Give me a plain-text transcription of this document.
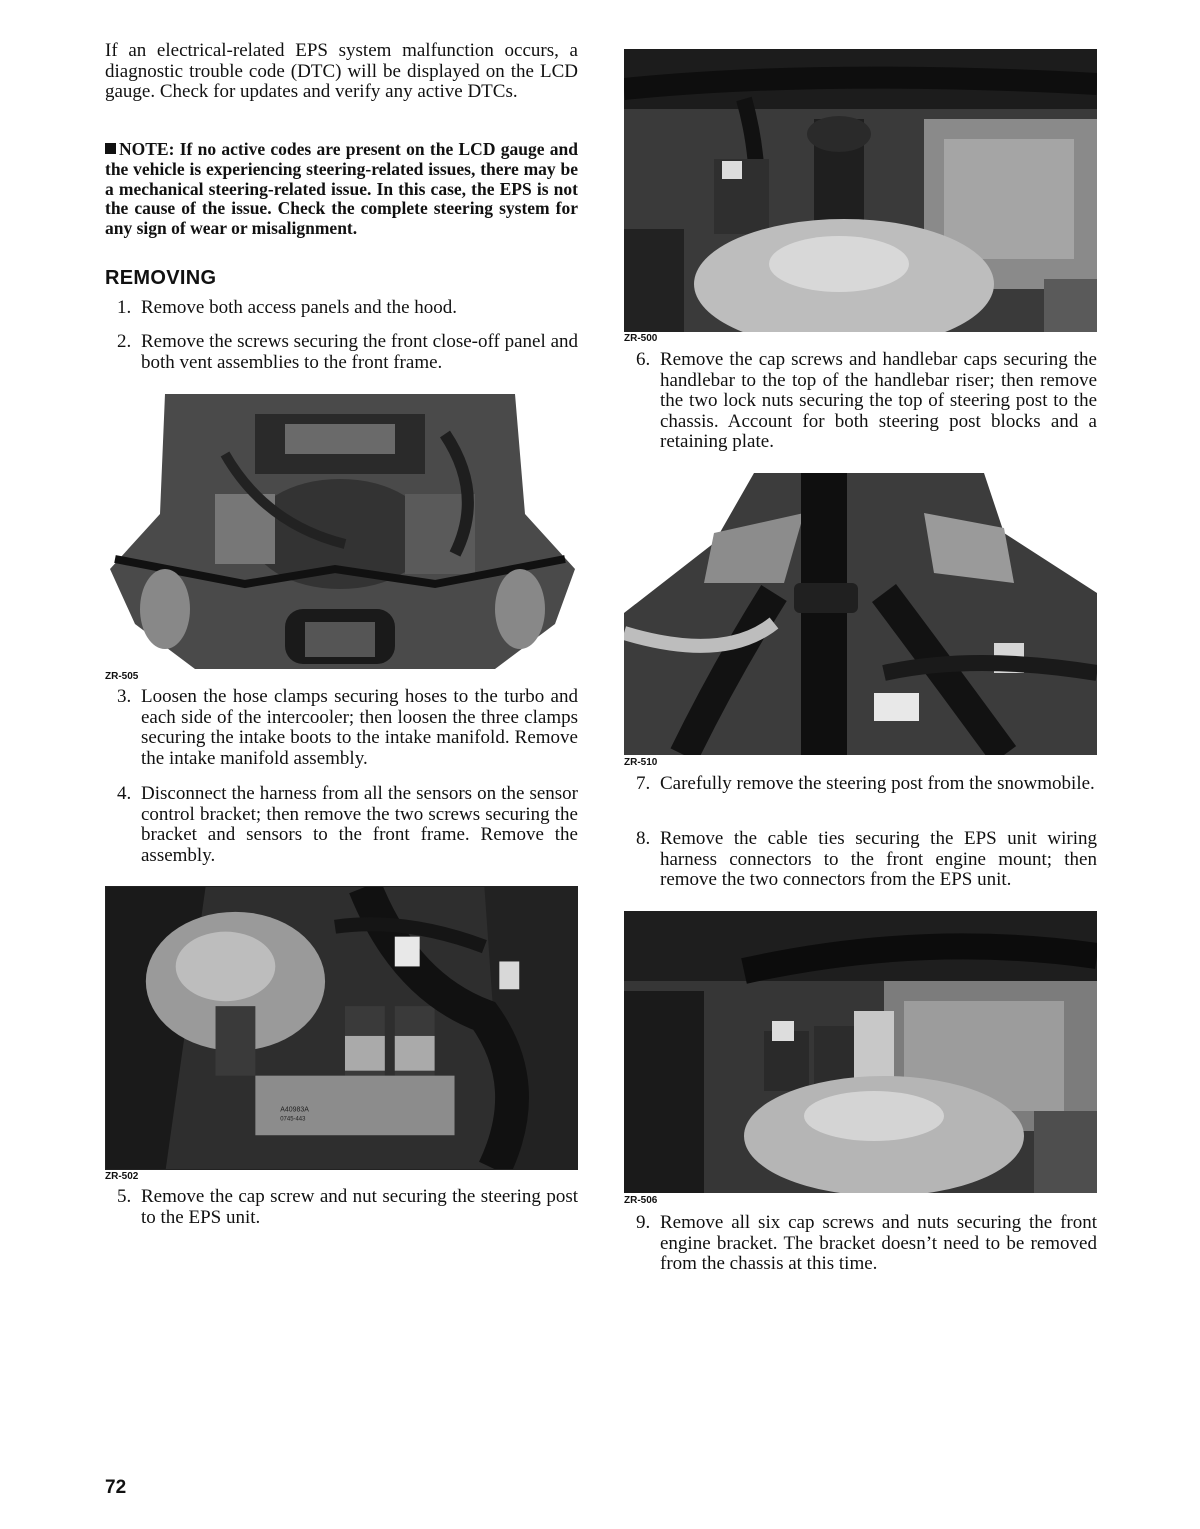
If an electrical-related EPS system malfunction occurs, a diagnostic trouble code (DTC) will be displayed on the LCD gauge. Check for updates and verify any active DTCs.

NOTE: If no active codes are present on the LCD gauge and the vehicle is experiencing steering-related issues, there may be a mechanical steering-related issue. In this case, the EPS is not the cause of the issue. Check the complete steering system for any sign of wear or misalignment.

REMOVING
1. Remove both access panels and the hood.
2. Remove the screws securing the front close-off panel and both vent assemblies to the front frame.

ZR-505

3. Loosen the hose clamps securing hoses to the turbo and each side of the intercooler; then loosen the three clamps securing the intake boots to the intake manifold. Remove the intake manifold assembly.
4. Disconnect the harness from all the sensors on the sensor control bracket; then remove the two screws securing the bracket and sensors to the front frame. Remove the assembly.
A40983A
0745-443

ZR-502

5. Remove the cap screw and nut securing the steering post to the EPS unit.

ZR-500

6. Remove the cap screws and handlebar caps securing the handlebar to the top of the handlebar riser; then remove the two lock nuts securing the top of steering post to the chassis. Account for both steering post blocks and a retaining plate.

ZR-510

7. Carefully remove the steering post from the snowmobile.
8. Remove the cable ties securing the EPS unit wiring harness connectors to the front engine mount; then remove the two connectors from the EPS unit.

ZR-506

9. Remove all six cap screws and nuts securing the front engine bracket. The bracket doesn’t need to be removed from the chassis at this time.

72
